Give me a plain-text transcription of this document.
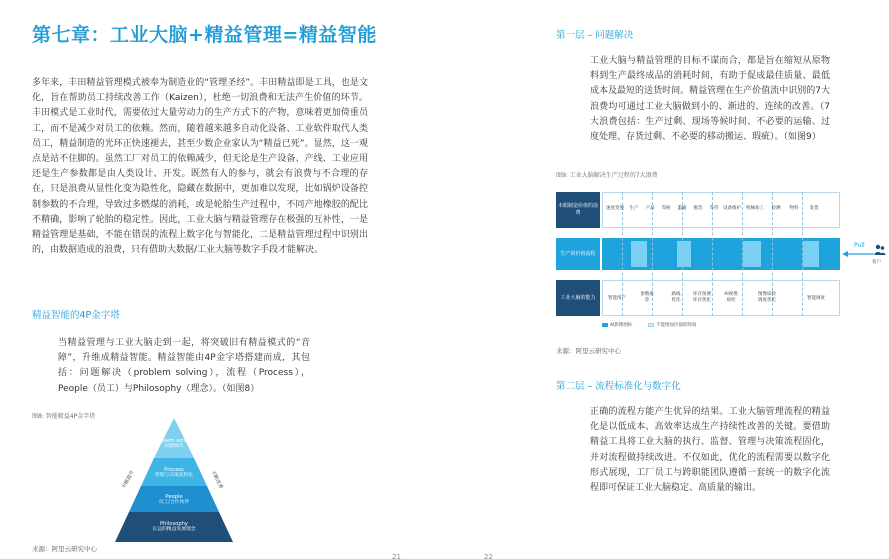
第七章：工业大脑+精益管理=精益智能
多年来，丰田精益管理模式被奉为制造业的“管理圣经”。丰田精益即是工具，也是文化，旨在帮助员工持续改善工作（Kaizen），杜绝一切浪费和无法产生价值的环节。丰田模式是工业时代，需要依过大量劳动力的生产方式下的产物，意味着更加倚重员工，而不是减少对员工的依赖。然而，随着越来越多自动化设备、工业软件取代人类员工，精益制造的光环正快速褪去，甚至少数企业家认为“精益已死”。显然，这一观点是站不住脚的。虽然工厂对员工的依赖减少，但无论是生产设备、产线、工业应用还是生产参数都是由人类设计、开发。既然有人的参与，就会有浪费与不合理的存在，只是浪费从显性化变为隐性化，隐藏在数据中，更加难以发现，比如锅炉设备控制参数的不合理，导致过多燃煤的消耗，或是轮胎生产过程中，不同产地橡胶的配比不精确，影响了轮胎的稳定性。因此，工业大脑与精益管理存在极强的互补性，一是精益管理是基础，不能在错误的流程上数字化与智能化，二是精益管理过程中识别出的，由数据造成的浪费，只有借助大数据/工业大脑等数字手段才能解决。
精益智能的4P金字塔
当精益管理与工业大脑走到一起，将突破旧有精益模式的“音障”，升维成精益智能。精益智能由4P金字塔搭建而成，其包括：问题解决（problem solving），流程（Process），People（员工）与Philosophy（理念）。（如图8）
图8: 智能精益4P金字塔
Problem solving
问题解决
Process
管理与决策流程化
People
员工/合作伙伴
Philosophy
长远的精益发展理念
不断提升	不断改善
来源：阿里云研究中心
21
第一层 – 问题解决
工业大脑与精益管理的目标不谋而合，都是旨在缩短从原物料到生产最终成品的消耗时间，有助于促成最佳质量、最低成本及最短的送货时间。精益管理在生产价值流中识别的7大浪费均可通过工业大脑做到小的、渐进的、连续的改善。（7大浪费包括：生产过剩、现场等候时间、不必要的运输、过度处理、存货过剩、不必要的移动搬运、瑕疵）。（如图9）
图9: 工业大脑解决生产过程的7大浪费
木眼制造价值的浪费
生产的价值流程
工业大脑的能力
速度变慢	生产	产品	等候	滥输	挑选	等待	设备维护	机械加工	检测	物料	发货
智能排产
参数推荐
路线优化
库存预测库存优化
AI视像质检
图像质检调度优化	智能调度
AI影像图标	不能增加价值的时间
Pull
客户
来源：阿里云研究中心
第二层 – 流程标准化与数字化
正确的流程方能产生优异的结果。工业大脑管理流程的精益化是以低成本、高效率达成生产持续性改善的关键。要借助精益工具将工业大脑的执行、监督、管理与决策流程固化，并对流程做持续改进。不仅如此，优化的流程需要以数字化形式展现，工厂员工与跨职能团队遵循一套统一的数字化流程即可保证工业大脑稳定、高质量的输出。
22
